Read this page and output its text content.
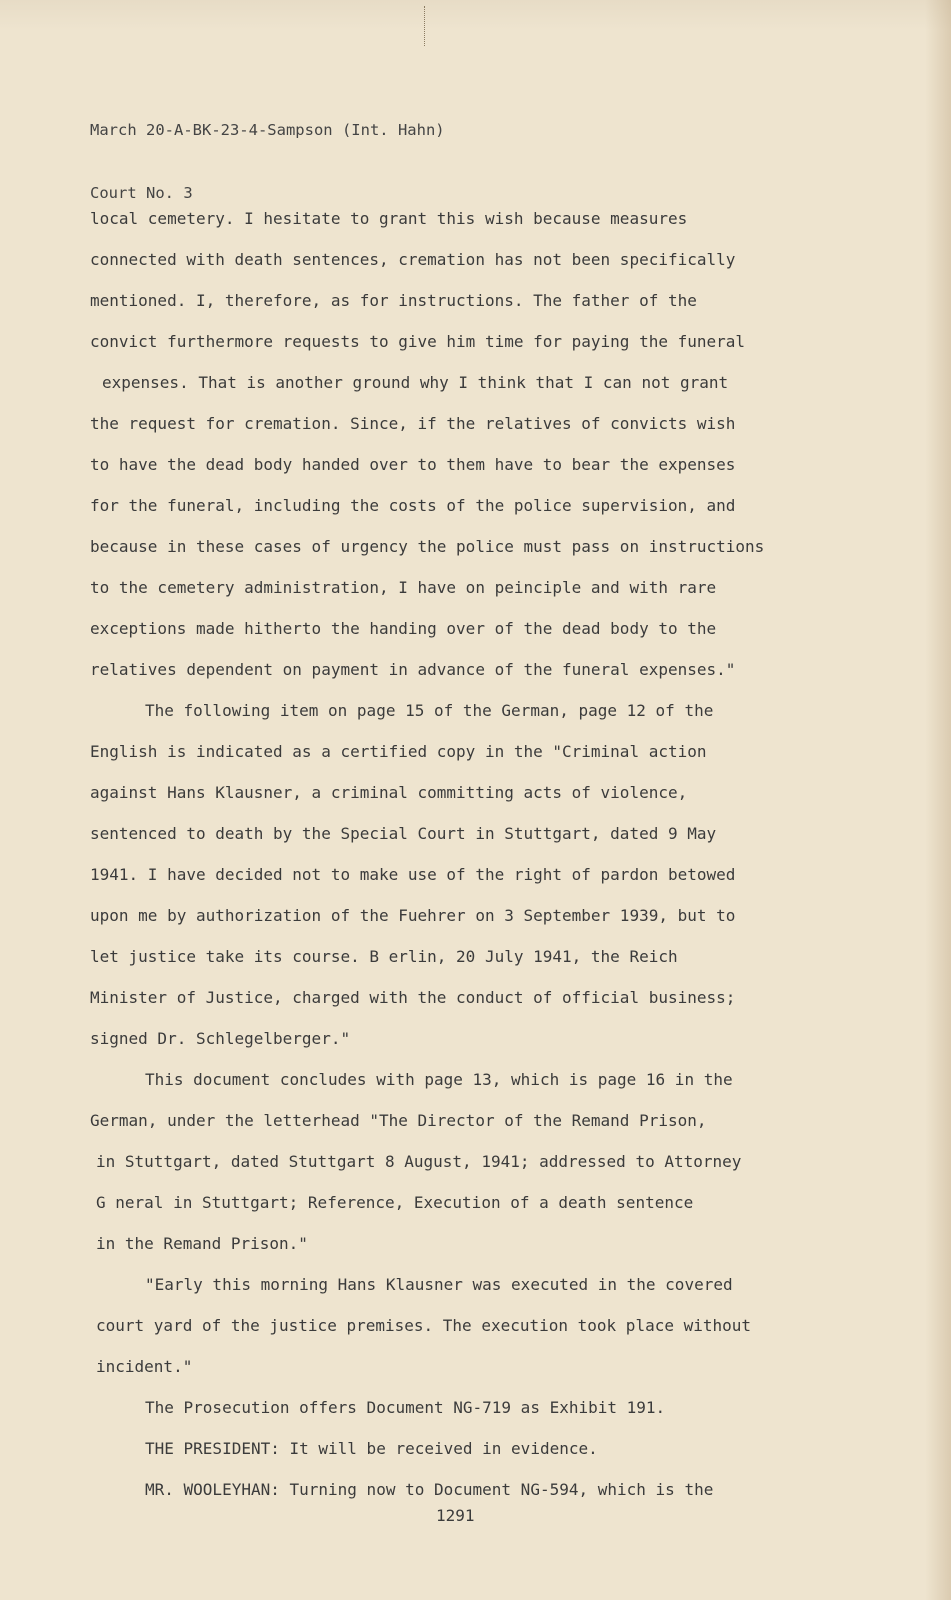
March 20-A-BK-23-4-Sampson (Int. Hahn)

Court No. 3

local cemetery. I hesitate to grant this wish because measures
connected with death sentences, cremation has not been specifically
mentioned. I, therefore, as for instructions. The father of the
convict furthermore requests to give him time for paying the funeral
expenses. That is another ground why I think that I can not grant
the request for cremation. Since, if the relatives of convicts wish
to have the dead body handed over to them have to bear the expenses
for the funeral, including the costs of the police supervision, and
because in these cases of urgency the police must pass on instructions
to the cemetery administration, I have on peinciple and with rare
exceptions made hitherto the handing over of the dead body to the
relatives dependent on payment in advance of the funeral expenses."
The following item on page 15 of the German, page 12 of the
English is indicated as a certified copy in the "Criminal action
against Hans Klausner, a criminal committing acts of violence,
sentenced to death by the Special Court in Stuttgart, dated 9 May
1941. I have decided not to make use of the right of pardon betowed
upon me by authorization of the Fuehrer on 3 September 1939, but to
let justice take its course. B erlin, 20 July 1941, the Reich
Minister of Justice, charged with the conduct of official business;
signed Dr. Schlegelberger."
This document concludes with page 13, which is page 16 in the
German, under the letterhead "The Director of the Remand Prison,
in Stuttgart, dated Stuttgart 8 August, 1941; addressed to Attorney
G neral in Stuttgart; Reference, Execution of a death sentence
in the Remand Prison."
"Early this morning Hans Klausner was executed in the covered
court yard of the justice premises. The execution took place without
incident."
The Prosecution offers Document NG-719 as Exhibit 191.
THE PRESIDENT: It will be received in evidence.
MR. WOOLEYHAN: Turning now to Document NG-594, which is the
1291
